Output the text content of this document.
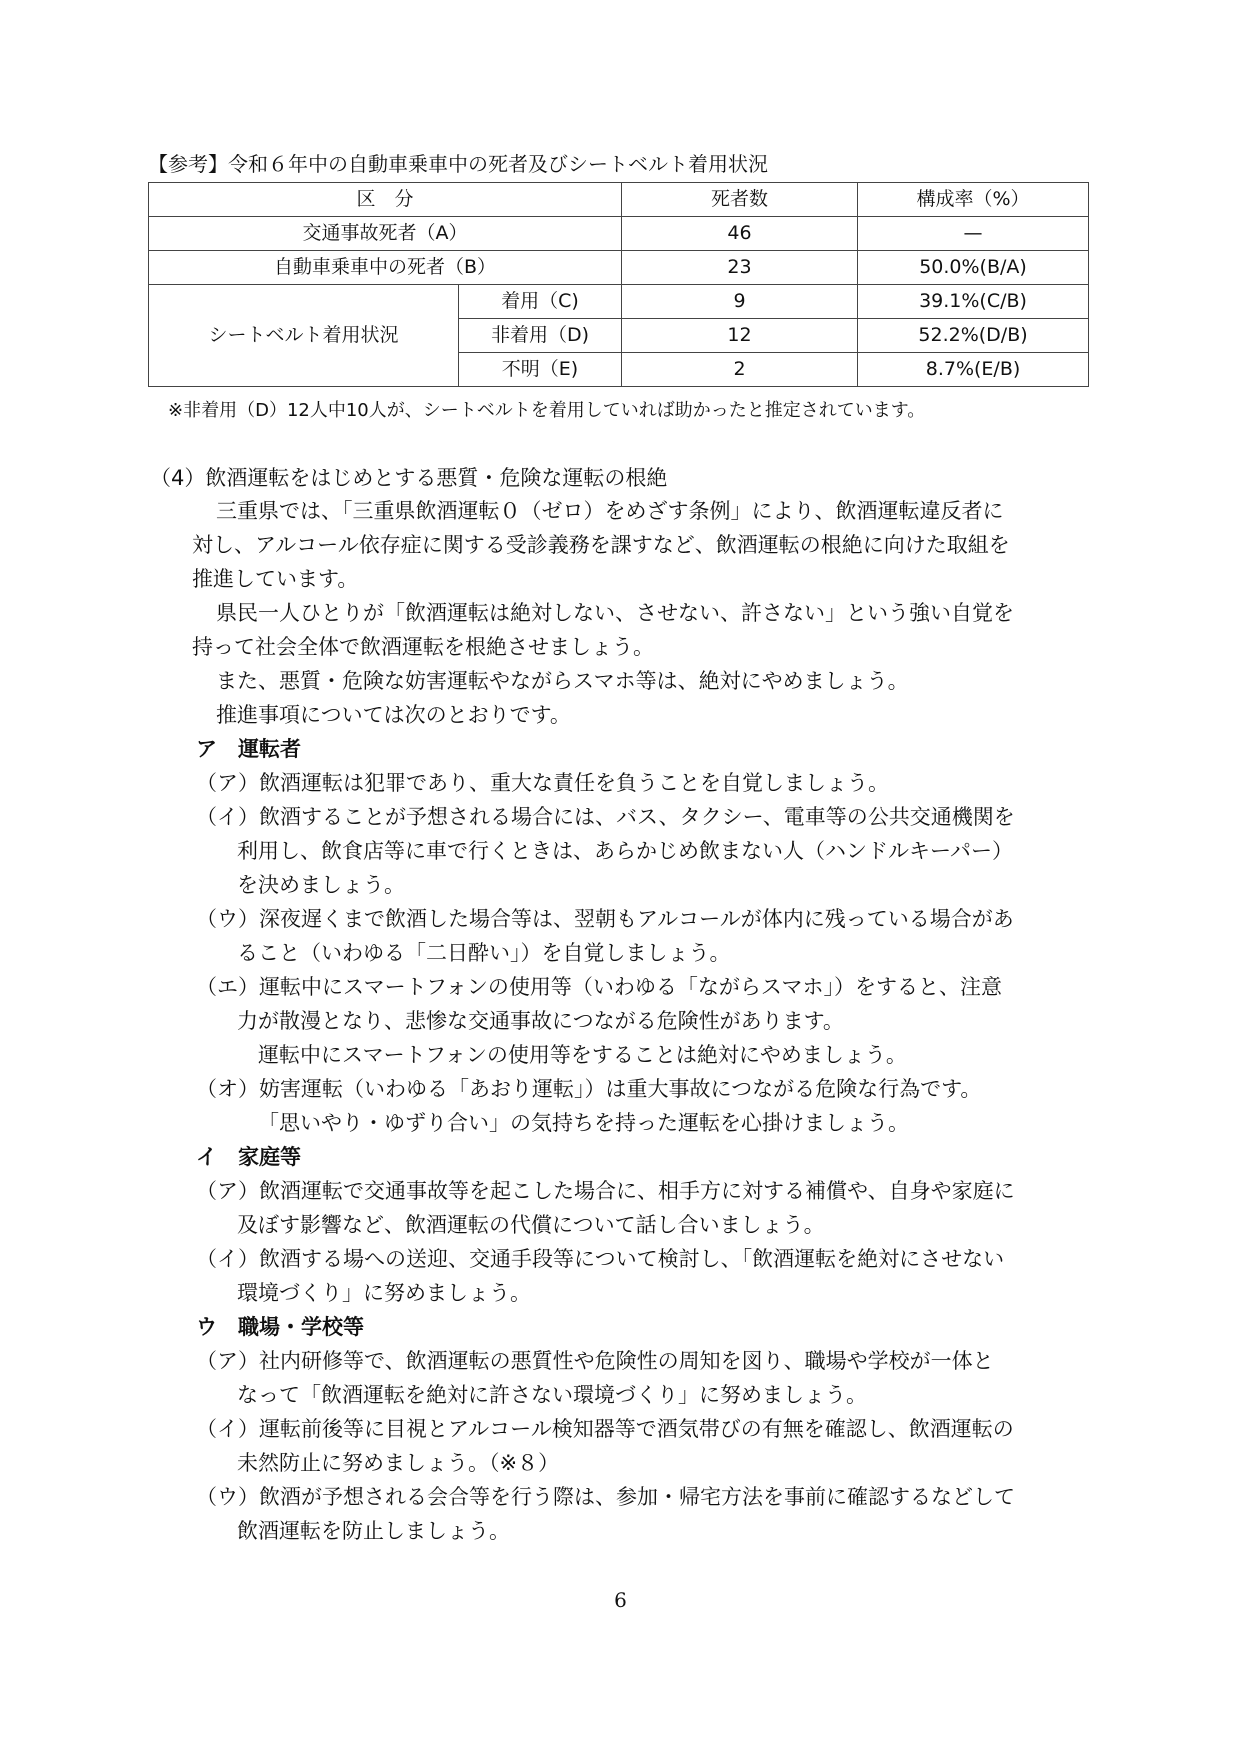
【参考】令和６年中の自動車乗車中の死者及びシートベルト着用状況
区　分		死者数	構成率（%）
交通事故死者（A）		46	—
自動車乗車中の死者（B）		23	50.0%(B/A)
シートベルト着用状況	着用（C)	9	39.1%(C/B)
	非着用（D)	12	52.2%(D/B)
	不明（E)	2	8.7%(E/B)
※非着用（D）12人中10人が、シートベルトを着用していれば助かったと推定されています。
（4）飲酒運転をはじめとする悪質・危険な運転の根絶
三重県では、「三重県飲酒運転０（ゼロ）をめざす条例」により、飲酒運転違反者に
対し、アルコール依存症に関する受診義務を課すなど、飲酒運転の根絶に向けた取組を
推進しています。
県民一人ひとりが「飲酒運転は絶対しない、させない、許さない」という強い自覚を
持って社会全体で飲酒運転を根絶させましょう。
また、悪質・危険な妨害運転やながらスマホ等は、絶対にやめましょう。
推進事項については次のとおりです。
ア　運転者
（ア）飲酒運転は犯罪であり、重大な責任を負うことを自覚しましょう。
（イ）飲酒することが予想される場合には、バス、タクシー、電車等の公共交通機関を
利用し、飲食店等に車で行くときは、あらかじめ飲まない人（ハンドルキーパー）
を決めましょう。
（ウ）深夜遅くまで飲酒した場合等は、翌朝もアルコールが体内に残っている場合があ
ること（いわゆる「二日酔い」）を自覚しましょう。
（エ）運転中にスマートフォンの使用等（いわゆる「ながらスマホ」）をすると、注意
力が散漫となり、悲惨な交通事故につながる危険性があります。
運転中にスマートフォンの使用等をすることは絶対にやめましょう。
（オ）妨害運転（いわゆる「あおり運転」）は重大事故につながる危険な行為です。
「思いやり・ゆずり合い」の気持ちを持った運転を心掛けましょう。
イ　家庭等
（ア）飲酒運転で交通事故等を起こした場合に、相手方に対する補償や、自身や家庭に
及ぼす影響など、飲酒運転の代償について話し合いましょう。
（イ）飲酒する場への送迎、交通手段等について検討し、「飲酒運転を絶対にさせない
環境づくり」に努めましょう。
ウ　職場・学校等
（ア）社内研修等で、飲酒運転の悪質性や危険性の周知を図り、職場や学校が一体と
なって「飲酒運転を絶対に許さない環境づくり」に努めましょう。
（イ）運転前後等に目視とアルコール検知器等で酒気帯びの有無を確認し、飲酒運転の
未然防止に努めましょう。（※８）
（ウ）飲酒が予想される会合等を行う際は、参加・帰宅方法を事前に確認するなどして
飲酒運転を防止しましょう。
6
